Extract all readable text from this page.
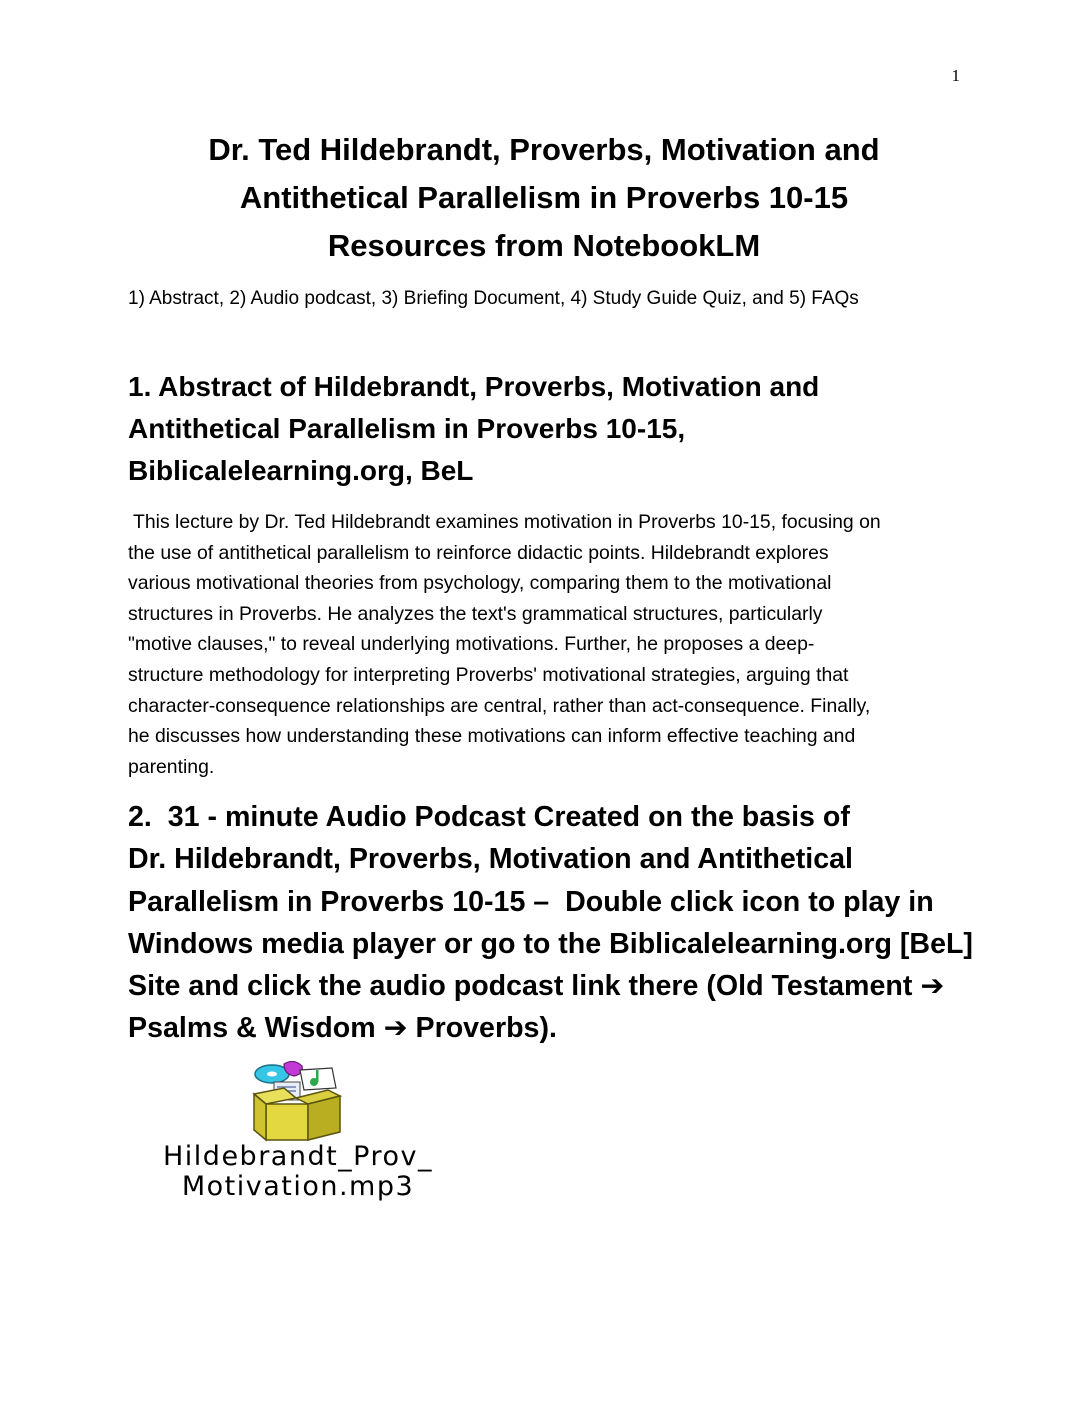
1
Dr. Ted Hildebrandt, Proverbs, Motivation and
Antithetical Parallelism in Proverbs 10-15
Resources from NotebookLM
1) Abstract, 2) Audio podcast, 3) Briefing Document, 4) Study Guide Quiz, and 5) FAQs
1. Abstract of Hildebrandt, Proverbs, Motivation and
Antithetical Parallelism in Proverbs 10-15,
Biblicalelearning.org, BeL
This lecture by Dr. Ted Hildebrandt examines motivation in Proverbs 10-15, focusing on
the use of antithetical parallelism to reinforce didactic points. Hildebrandt explores
various motivational theories from psychology, comparing them to the motivational
structures in Proverbs. He analyzes the text's grammatical structures, particularly
"motive clauses," to reveal underlying motivations. Further, he proposes a deep-
structure methodology for interpreting Proverbs' motivational strategies, arguing that
character-consequence relationships are central, rather than act-consequence. Finally,
he discusses how understanding these motivations can inform effective teaching and
parenting.
2.  31 - minute Audio Podcast Created on the basis of
Dr. Hildebrandt, Proverbs, Motivation and Antithetical
Parallelism in Proverbs 10-15 –  Double click icon to play in
Windows media player or go to the Biblicalelearning.org [BeL]
Site and click the audio podcast link there (Old Testament ➔
Psalms & Wisdom ➔ Proverbs).
Hildebrandt_Prov_
Motivation.mp3
